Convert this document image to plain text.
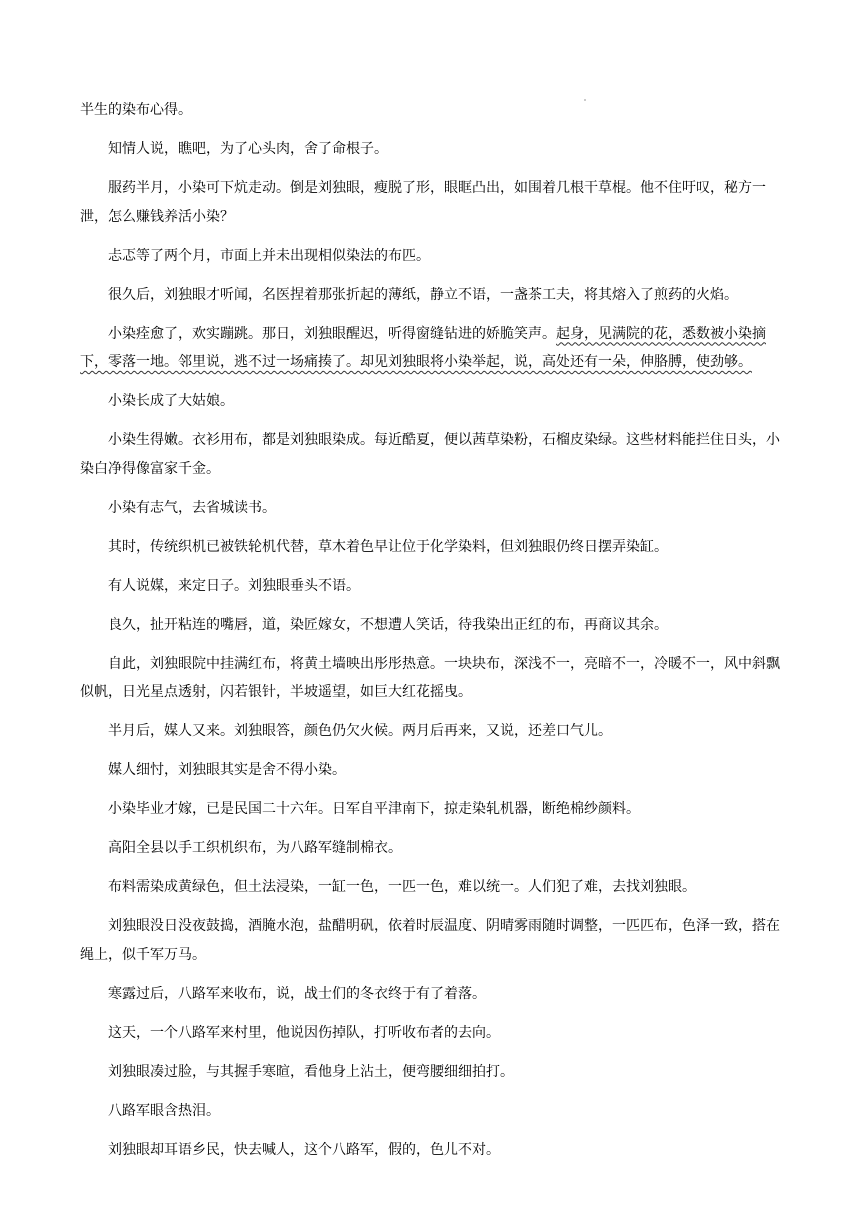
半生的染布心得。

知情人说，瞧吧，为了心头肉，舍了命根子。

服药半月，小染可下炕走动。倒是刘独眼，瘦脱了形，眼眶凸出，如围着几根干草棍。他不住吁叹，秘方一泄，怎么赚钱养活小染？

忐忑等了两个月，市面上并未出现相似染法的布匹。

很久后，刘独眼才听闻，名医捏着那张折起的薄纸，静立不语，一盏茶工夫，将其熔入了煎药的火焰。

小染痊愈了，欢实蹦跳。那日，刘独眼醒迟，听得窗缝钻进的娇脆笑声。起身，见满院的花，悉数被小染摘下，零落一地。邻里说，逃不过一场痛揍了。却见刘独眼将小染举起，说，高处还有一朵，伸胳膊，使劲够。

小染长成了大姑娘。

小染生得嫩。衣衫用布，都是刘独眼染成。每近酷夏，便以茜草染粉，石榴皮染绿。这些材料能拦住日头，小染白净得像富家千金。

小染有志气，去省城读书。

其时，传统织机已被铁轮机代替，草木着色早让位于化学染料，但刘独眼仍终日摆弄染缸。

有人说媒，来定日子。刘独眼垂头不语。

良久，扯开粘连的嘴唇，道，染匠嫁女，不想遭人笑话，待我染出正红的布，再商议其余。

自此，刘独眼院中挂满红布，将黄土墙映出彤彤热意。一块块布，深浅不一，亮暗不一，冷暖不一，风中斜飘似帆，日光星点透射，闪若银针，半坡遥望，如巨大红花摇曳。

半月后，媒人又来。刘独眼答，颜色仍欠火候。两月后再来，又说，还差口气儿。

媒人细忖，刘独眼其实是舍不得小染。

小染毕业才嫁，已是民国二十六年。日军自平津南下，掠走染轧机器，断绝棉纱颜料。

高阳全县以手工织机织布，为八路军缝制棉衣。

布料需染成黄绿色，但土法浸染，一缸一色，一匹一色，难以统一。人们犯了难，去找刘独眼。

刘独眼没日没夜鼓捣，酒腌水泡，盐醋明矾，依着时辰温度、阴晴雾雨随时调整，一匹匹布，色泽一致，搭在绳上，似千军万马。

寒露过后，八路军来收布，说，战士们的冬衣终于有了着落。

这天，一个八路军来村里，他说因伤掉队，打听收布者的去向。

刘独眼凑过脸，与其握手寒暄，看他身上沾土，便弯腰细细拍打。

八路军眼含热泪。

刘独眼却耳语乡民，快去喊人，这个八路军，假的，色儿不对。
